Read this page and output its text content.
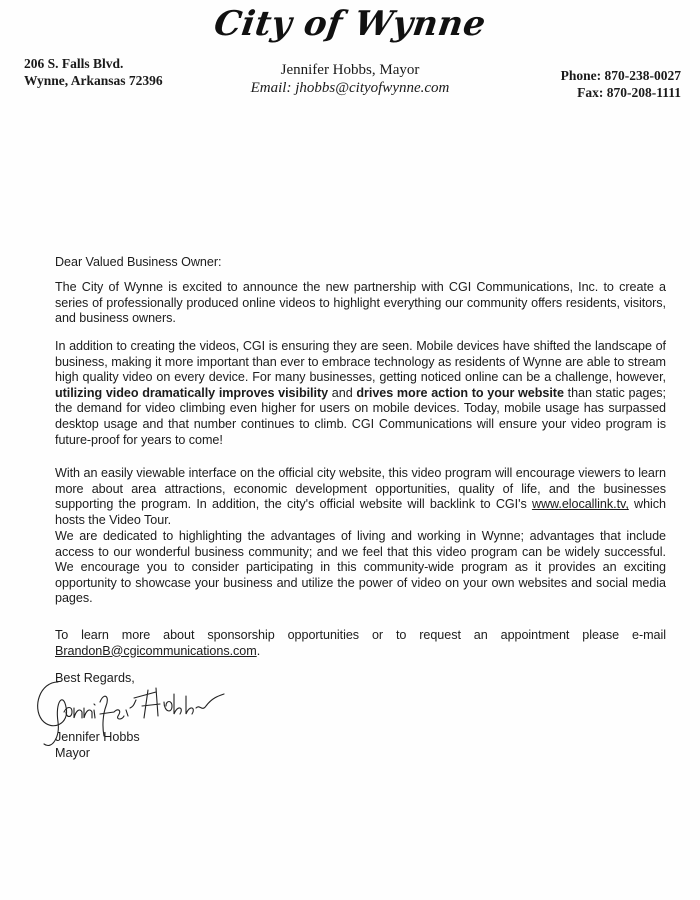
City of Wynne
206 S. Falls Blvd.
Wynne, Arkansas 72396
Jennifer Hobbs, Mayor
Email: jhobbs@cityofwynne.com
Phone: 870-238-0027
Fax: 870-208-1111
Dear Valued Business Owner:
The City of Wynne is excited to announce the new partnership with CGI Communications, Inc. to create a series of professionally produced online videos to highlight everything our community offers residents, visitors, and business owners.
In addition to creating the videos, CGI is ensuring they are seen. Mobile devices have shifted the landscape of business, making it more important than ever to embrace technology as residents of Wynne are able to stream high quality video on every device. For many businesses, getting noticed online can be a challenge, however, utilizing video dramatically improves visibility and drives more action to your website than static pages; the demand for video climbing even higher for users on mobile devices. Today, mobile usage has surpassed desktop usage and that number continues to climb. CGI Communications will ensure your video program is future-proof for years to come!
With an easily viewable interface on the official city website, this video program will encourage viewers to learn more about area attractions, economic development opportunities, quality of life, and the businesses supporting the program. In addition, the city's official website will backlink to CGI's www.elocallink.tv, which hosts the Video Tour.
We are dedicated to highlighting the advantages of living and working in Wynne; advantages that include access to our wonderful business community; and we feel that this video program can be widely successful. We encourage you to consider participating in this community-wide program as it provides an exciting opportunity to showcase your business and utilize the power of video on your own websites and social media pages.
To learn more about sponsorship opportunities or to request an appointment please e-mail BrandonB@cgicommunications.com.
Best Regards,
Jennifer Hobbs
Mayor
